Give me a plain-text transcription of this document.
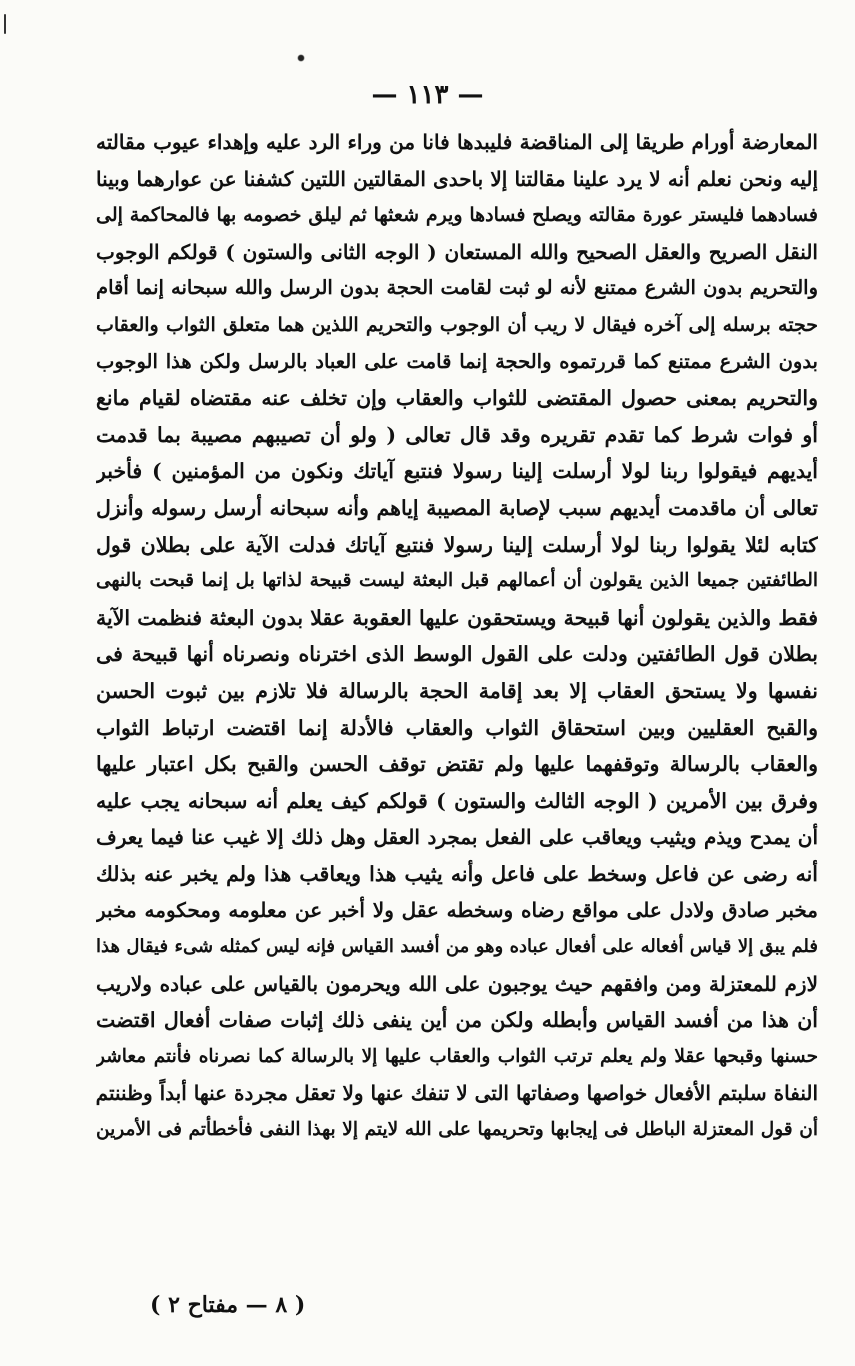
— ١١٣ —
المعارضة أورام طريقا إلى المناقضة فليبدها فانا من وراء الرد عليه وإهداء عيوب مقالته
إليه ونحن نعلم أنه لا يرد علينا مقالتنا إلا باحدى المقالتين اللتين كشفنا عن عوارهما وبينا
فسادهما فليستر عورة مقالته ويصلح فسادها ويرم شعثها ثم ليلق خصومه بها فالمحاكمة إلى
النقل الصريح والعقل الصحيح والله المستعان ( الوجه الثانى والستون ) قولكم الوجوب
والتحريم بدون الشرع ممتنع لأنه لو ثبت لقامت الحجة بدون الرسل والله سبحانه إنما أقام
حجته برسله إلى آخره فيقال لا ريب أن الوجوب والتحريم اللذين هما متعلق الثواب والعقاب
بدون الشرع ممتنع كما قررتموه والحجة إنما قامت على العباد بالرسل ولكن هذا الوجوب
والتحريم بمعنى حصول المقتضى للثواب والعقاب وإن تخلف عنه مقتضاه لقيام مانع
أو فوات شرط كما تقدم تقريره وقد قال تعالى ( ولو أن تصيبهم مصيبة بما قدمت
أيديهم فيقولوا ربنا لولا أرسلت إلينا رسولا فنتبع آياتك ونكون من المؤمنين ) فأخبر
تعالى أن ماقدمت أيديهم سبب لإصابة المصيبة إياهم وأنه سبحانه أرسل رسوله وأنزل
كتابه لئلا يقولوا ربنا لولا أرسلت إلينا رسولا فنتبع آياتك فدلت الآية على بطلان قول
الطائفتين جميعا الذين يقولون أن أعمالهم قبل البعثة ليست قبيحة لذاتها بل إنما قبحت بالنهى
فقط والذين يقولون أنها قبيحة ويستحقون عليها العقوبة عقلا بدون البعثة فنظمت الآية
بطلان قول الطائفتين ودلت على القول الوسط الذى اخترناه ونصرناه أنها قبيحة فى
نفسها ولا يستحق العقاب إلا بعد إقامة الحجة بالرسالة فلا تلازم بين ثبوت الحسن
والقبح العقليين وبين استحقاق الثواب والعقاب فالأدلة إنما اقتضت ارتباط الثواب
والعقاب بالرسالة وتوقفهما عليها ولم تقتض توقف الحسن والقبح بكل اعتبار عليها
وفرق بين الأمرين ( الوجه الثالث والستون ) قولكم كيف يعلم أنه سبحانه يجب عليه
أن يمدح ويذم ويثيب ويعاقب على الفعل بمجرد العقل وهل ذلك إلا غيب عنا فيما يعرف
أنه رضى عن فاعل وسخط على فاعل وأنه يثيب هذا ويعاقب هذا ولم يخبر عنه بذلك
مخبر صادق ولادل على مواقع رضاه وسخطه عقل ولا أخبر عن معلومه ومحكومه مخبر
فلم يبق إلا قياس أفعاله على أفعال عباده وهو من أفسد القياس فإنه ليس كمثله شىء فيقال هذا
لازم للمعتزلة ومن وافقهم حيث يوجبون على الله ويحرمون بالقياس على عباده ولاريب
أن هذا من أفسد القياس وأبطله ولكن من أين ينفى ذلك إثبات صفات أفعال اقتضت
حسنها وقبحها عقلا ولم يعلم ترتب الثواب والعقاب عليها إلا بالرسالة كما نصرناه فأنتم معاشر
النفاة سلبتم الأفعال خواصها وصفاتها التى لا تنفك عنها ولا تعقل مجردة عنها أبداً وظننتم
أن قول المعتزلة الباطل فى إيجابها وتحريمها على الله لايتم إلا بهذا النفى فأخطأتم فى الأمرين
( ٨ — مفتاح ٢ )
